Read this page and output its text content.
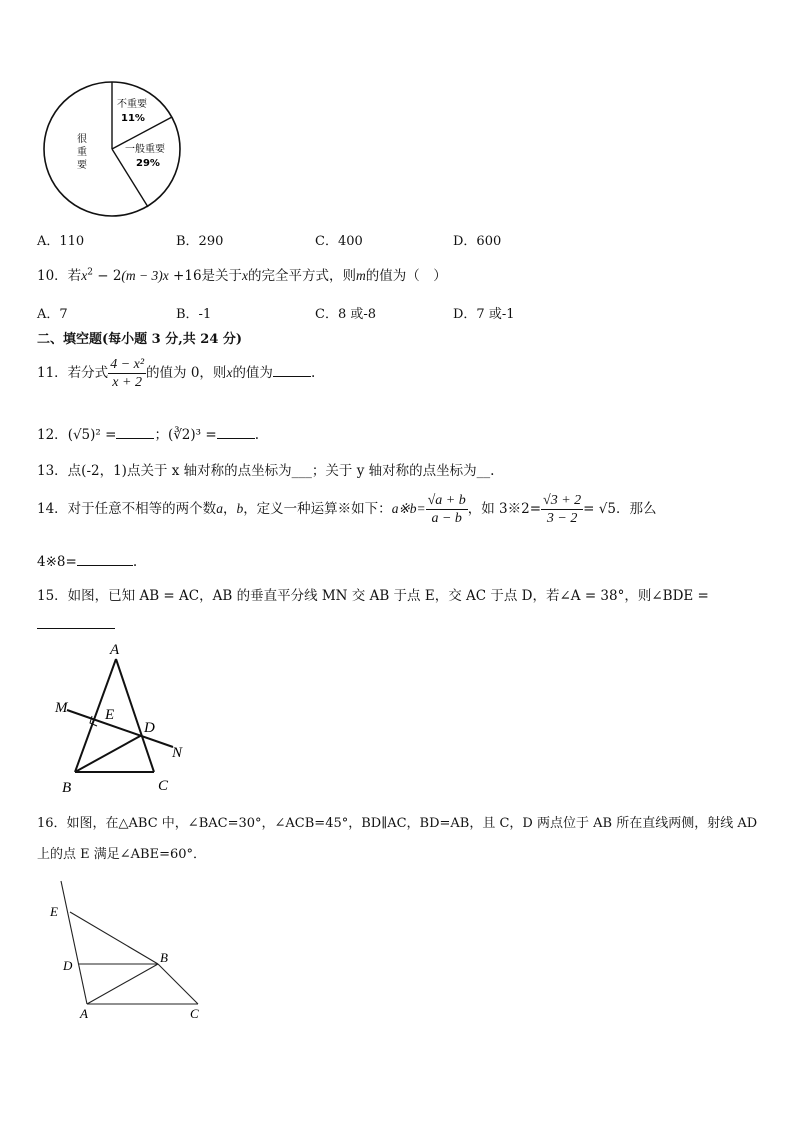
很
重
要
不重要
11%
一般重要
29%
A．110	B．290	C．400	D．600
10．若$x^2 - 2(m - 3)x +16$是关于x的完全平方式，则m的值为（　）
A．7	B．-1	C．8 或-8	D．7 或-1
二、填空题(每小题 3 分,共 24 分)
11．若分式 $\frac{\text{4 − x²}}{x + 2}$ 的值为 0，则x的值为	.
12．(√5)² =	；(∛2)³ =	.
13．点(-2，1)点关于 x 轴对称的点坐标为___；关于 y 轴对称的点坐标为__.
14．对于任意不相等的两个数a，b，定义一种运算※如下：a※b= $\frac{√a + b}{a - b}$ ，如 3※2= $\frac{√3 + 2}{3 - 2} = √5$．那么
4※8=	.
15．如图，已知 AB = AC，AB 的垂直平分线 MN 交 AB 于点 E，交 AC 于点 D，若∠A = 38°，则∠BDE =
A
M	E
D
N
B	C
16．如图，在△ABC 中，∠BAC=30°，∠ACB=45°，BD∥AC，BD=AB，且 C，D 两点位于 AB 所在直线两侧，射线 AD
上的点 E 满足∠ABE=60°．
E
D
B
A	C
